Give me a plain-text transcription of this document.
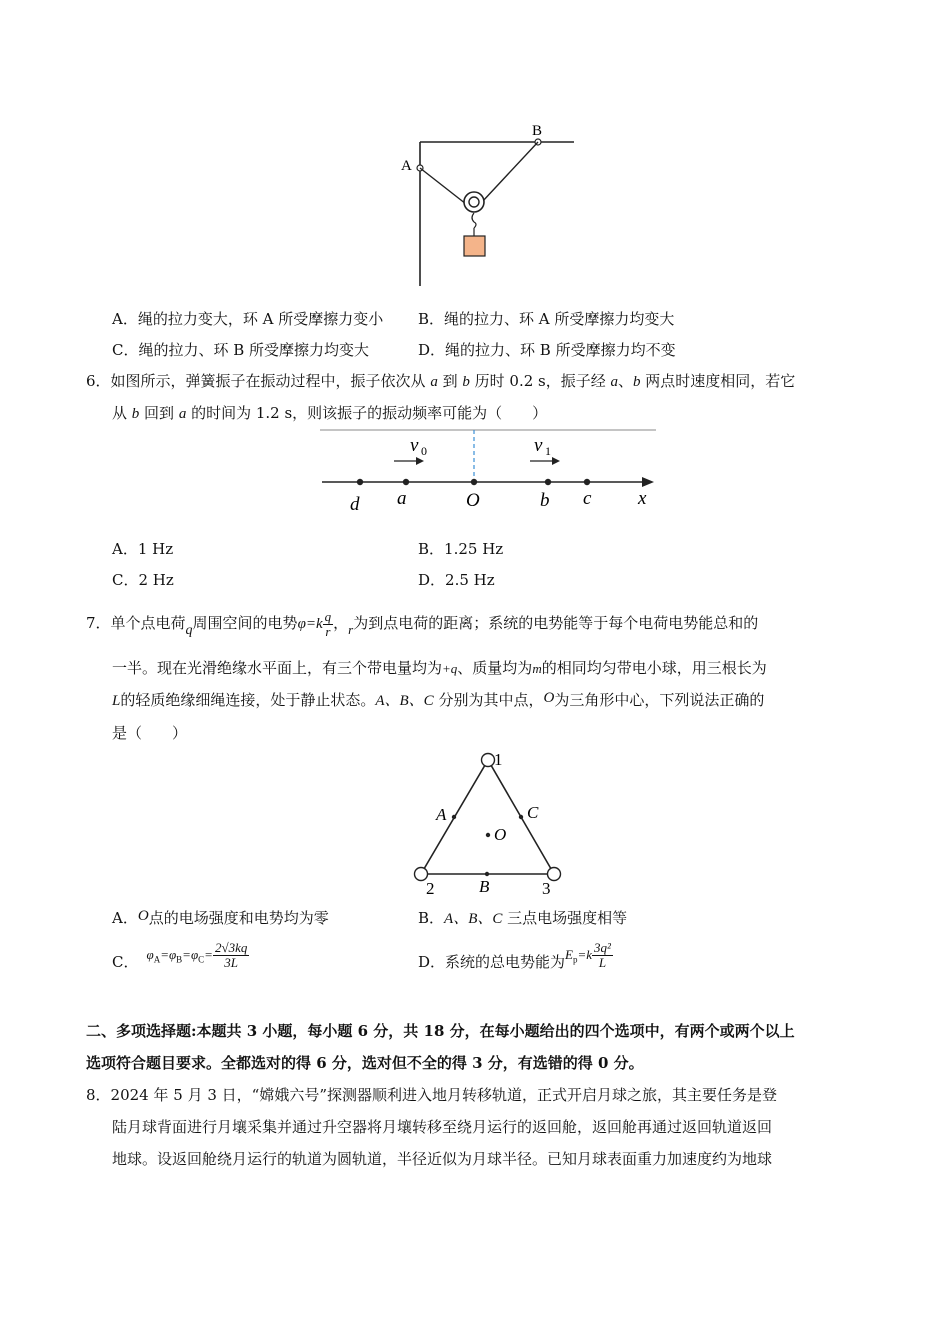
A
B
A．绳的拉力变大，环 A 所受摩擦力变小 B．绳的拉力、环 A 所受摩擦力均变大
C．绳的拉力、环 B 所受摩擦力均变大	D．绳的拉力、环 B 所受摩擦力均不变
6．如图所示，弹簧振子在振动过程中，振子依次从 a 到 b 历时 0.2 s，振子经 a、b 两点时速度相同，若它
从 b 回到 a 的时间为 1.2 s，则该振子的振动频率可能为（　　）
v 0	v 1
d a	O	b c x
A．1 Hz	B．1.25 Hz
C．2 Hz	D．2.5 Hz
7．单个点电荷q周围空间的电势$\varphi=k \frac{q}{r}$ ，r为到点电荷的距离；系统的电势能等于每个电荷电势能总和的
一半。现在光滑绝缘水平面上，有三个带电量均为+q、质量均为m的相同均匀带电小球，用三根长为
L的轻质绝缘细绳连接，处于静止状态。A、B、C 分别为其中点，O为三角形中心，下列说法正确的
是（　　）
1
2	3
A	C
B
O
A．O点的电场强度和电势均为零	B．A、B、C 三点电场强度相等
C． $\varphi_A=\varphi_B=\varphi_C= \frac{2√3kq}{3L}$	D．系统的总电势能为$E_p=k \frac{\text{3q²}}{L}$
二、多项选择题:本题共 3 小题，每小题 6 分，共 18 分，在每小题给出的四个选项中，有两个或两个以上
选项符合题目要求。全都选对的得 6 分，选对但不全的得 3 分，有选错的得 0 分。
8．2024 年 5 月 3 日，“嫦娥六号”探测器顺利进入地月转移轨道，正式开启月球之旅，其主要任务是登
陆月球背面进行月壤采集并通过升空器将月壤转移至绕月运行的返回舱，返回舱再通过返回轨道返回
地球。设返回舱绕月运行的轨道为圆轨道，半径近似为月球半径。已知月球表面重力加速度约为地球
